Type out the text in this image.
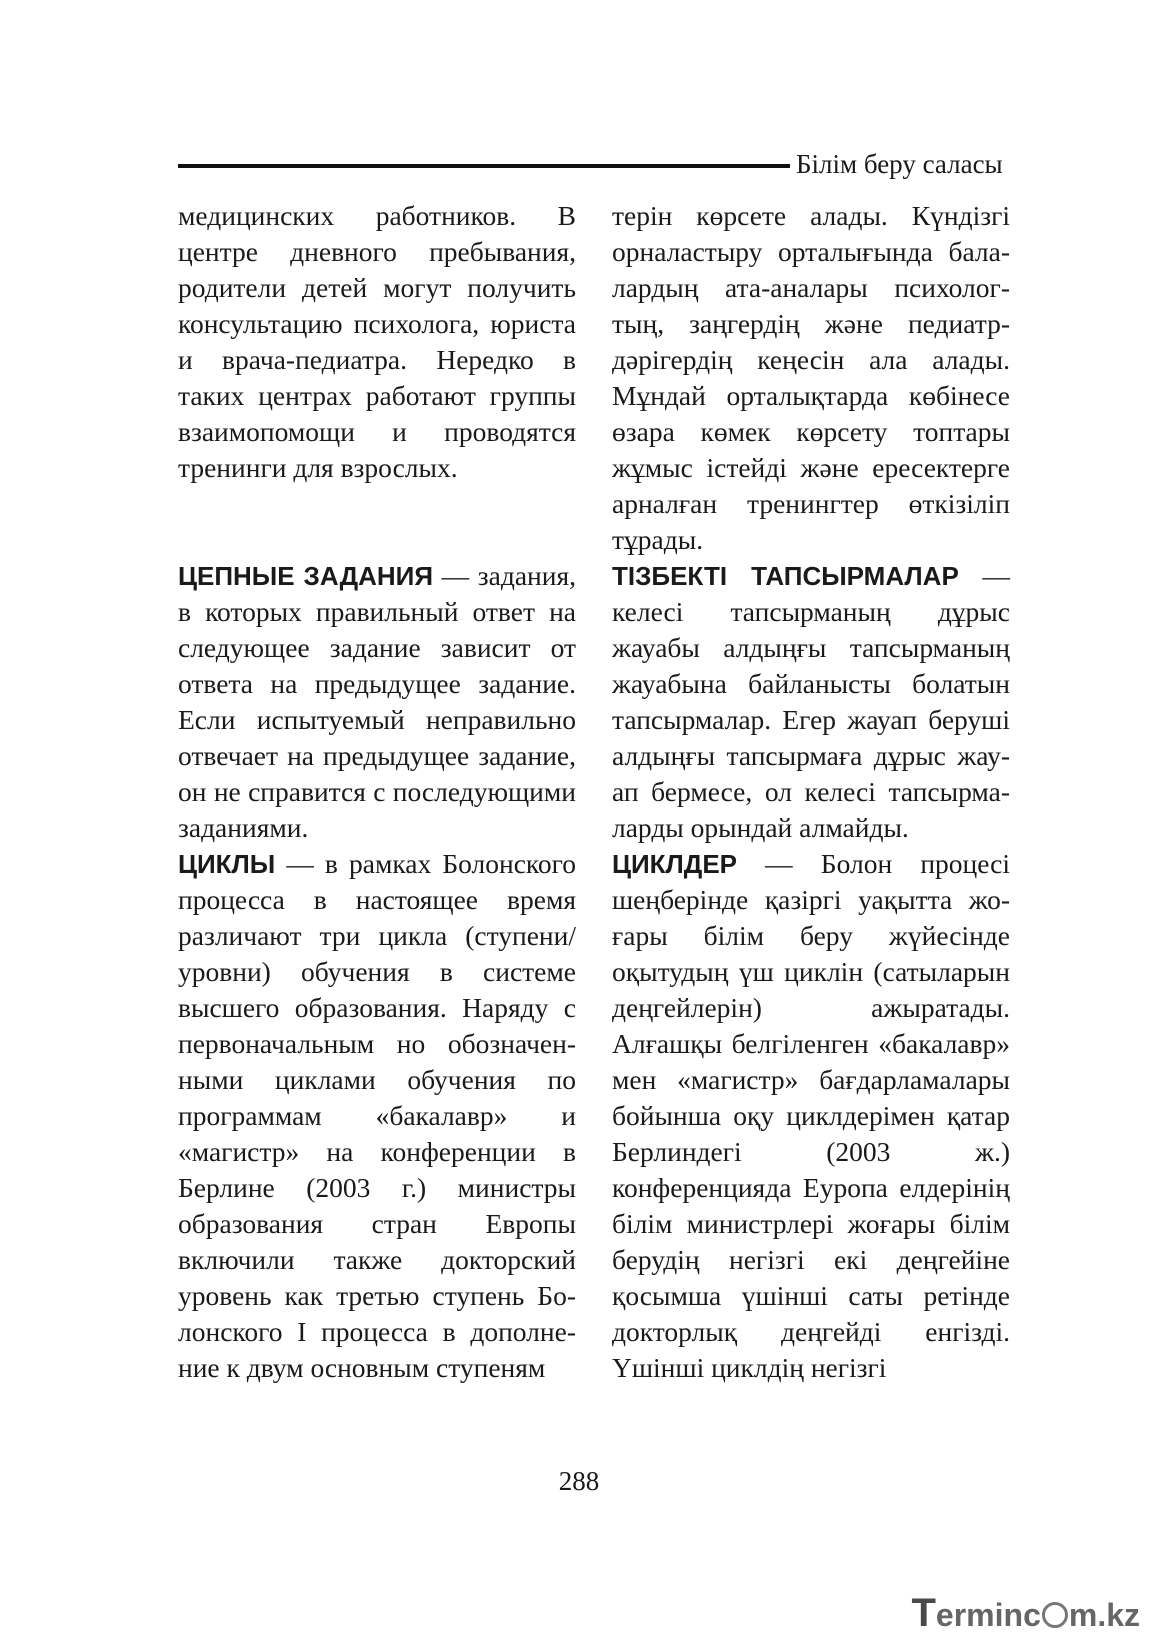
Білім беру саласы

медицинских работников. В центре дневного пребывания, родители детей могут получить консультацию психолога, юриста и врача-педиатра. Нередко в таких центрах работают группы взаимопомощи и проводятся тренинги для взрослых.

ЦЕПНЫЕ ЗАДАНИЯ — задания, в которых правильный ответ на следующее задание зависит от ответа на предыдущее задание. Если испытуемый неправильно отвечает на предыдущее задание, он не справится с последующими заданиями.

ЦИКЛЫ — в рамках Болонского процесса в настоящее время различают три цикла (ступени/уровни) обучения в системе высшего образования. Наряду с первоначальным но обозначенными циклами обучения по программам «бакалавр» и «магистр» на конференции в Берлине (2003 г.) министры образования стран Европы включили также докторский уровень как третью ступень Болонского I процесса в дополнение к двум основным ступеням

терін көрсете алады. Күндізгі орналастыру орталығында балалардың ата-аналары психологтың, заңгердің және педиатр-дәрігердің кеңесін ала алады. Мұндай орталықтарда көбінесе өзара көмек көрсету топтары жұмыс істейді және ересектерге арналған тренингтер өткізіліп тұрады.

ТІЗБЕКТІ ТАПСЫРМАЛАР — келесі тапсырманың дұрыс жауабы алдыңғы тапсырманың жауабына байланысты болатын тапсырмалар. Егер жауап беруші алдыңғы тапсырмаға дұрыс жауап бермесе, ол келесі тапсырмаларды орындай алмайды.

ЦИКЛДЕР — Болон процесі шеңберінде қазіргі уақытта жоғары білім беру жүйесінде оқытудың үш циклін (сатыларын деңгейлерін) ажыратады. Алғашқы белгіленген «бакалавр» мен «магистр» бағдарламалары бойынша оқу циклдерімен қатар Берлиндегі (2003 ж.) конференцияда Еуропа елдерінің білім министрлері жоғары білім берудің негізгі екі деңгейіне қосымша үшінші саты ретінде докторлық деңгейді енгізді. Үшінші циклдің негізгі

288
Terminc m.kz
